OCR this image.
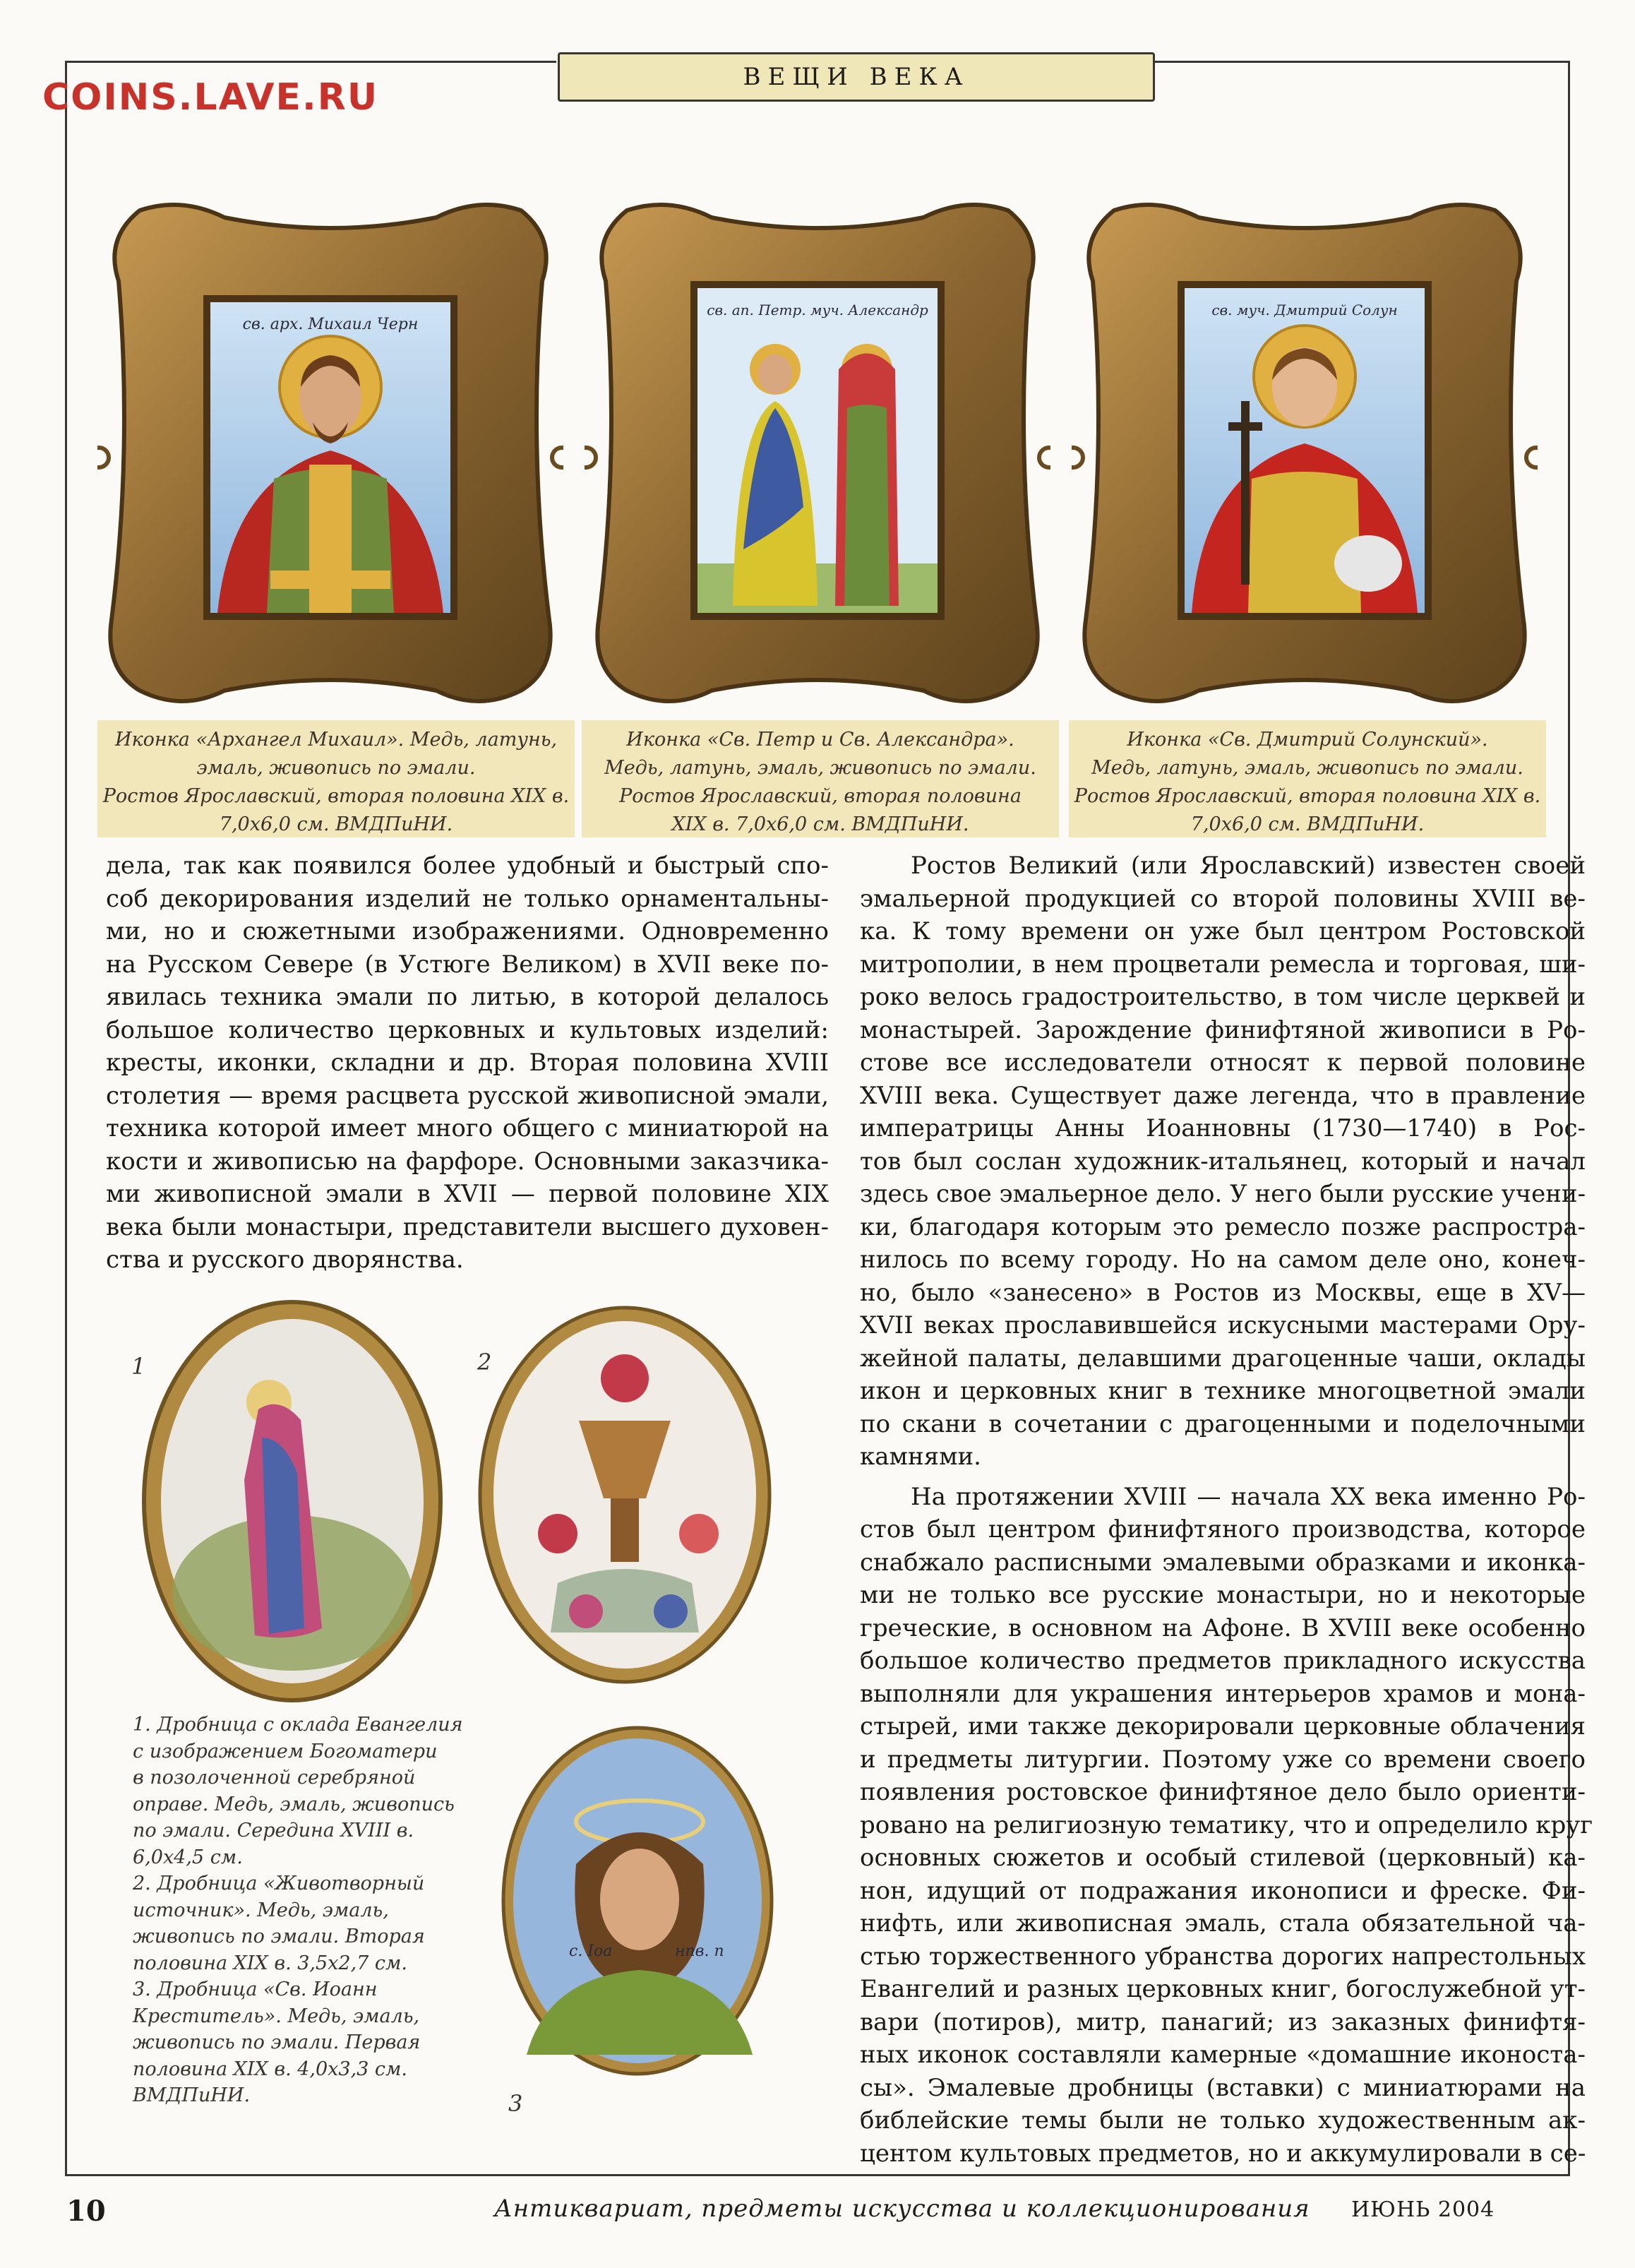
COINS.LAVE.RU	ВЕЩИ ВЕКА
св. арх. Михаил Черн
св. ап. Петр. муч. Александр	св. муч. Дмитрий Солун
Иконка «Архангел Михаил». Медь, латунь,
эмаль, живопись по эмали.
Ростов Ярославский, вторая половина XIX в.
7,0х6,0 см. ВМДПиНИ.
Иконка «Св. Петр и Св. Александра».
Медь, латунь, эмаль, живопись по эмали.
Ростов Ярославский, вторая половина
XIX в. 7,0х6,0 см. ВМДПиНИ.
Иконка «Св. Дмитрий Солунский».
Медь, латунь, эмаль, живопись по эмали.
Ростов Ярославский, вторая половина XIX в.
7,0х6,0 см. ВМДПиНИ.
дела, так как появился более удобный и быстрый спо-
соб декорирования изделий не только орнаментальны-
ми, но и сюжетными изображениями. Одновременно
на Русском Севере (в Устюге Великом) в XVII веке по-
явилась техника эмали по литью, в которой делалось
большое количество церковных и культовых изделий:
кресты, иконки, складни и др. Вторая половина XVIII
столетия — время расцвета русской живописной эмали,
техника которой имеет много общего с миниатюрой на
кости и живописью на фарфоре. Основными заказчика-
ми живописной эмали в XVII — первой половине XIX
века были монастыри, представители высшего духовен-
ства и русского дворянства.
Ростов Великий (или Ярославский) известен своей
эмальерной продукцией со второй половины XVIII ве-
ка. К тому времени он уже был центром Ростовской
митрополии, в нем процветали ремесла и торговая, ши-
роко велось градостроительство, в том числе церквей и
монастырей. Зарождение финифтяной живописи в Ро-
стове все исследователи относят к первой половине
XVIII века. Существует даже легенда, что в правление
императрицы Анны Иоанновны (1730—1740) в Рос-
тов был сослан художник-итальянец, который и начал
здесь свое эмальерное дело. У него были русские учени-
ки, благодаря которым это ремесло позже распростра-
нилось по всему городу. Но на самом деле оно, конеч-
но, было «занесено» в Ростов из Москвы, еще в XV—
XVII веках прославившейся искусными мастерами Ору-
жейной палаты, делавшими драгоценные чаши, оклады
икон и церковных книг в технике многоцветной эмали
по скани в сочетании с драгоценными и поделочными
камнями.
На протяжении XVIII — начала XX века именно Ро-
стов был центром финифтяного производства, которое
снабжало расписными эмалевыми образками и иконка-
ми не только все русские монастыри, но и некоторые
греческие, в основном на Афоне. В XVIII веке особенно
большое количество предметов прикладного искусства
выполняли для украшения интерьеров храмов и мона-
стырей, ими также декорировали церковные облачения
и предметы литургии. Поэтому уже со времени своего
появления ростовское финифтяное дело было ориенти-
ровано на религиозную тематику, что и определило круг
основных сюжетов и особый стилевой (церковный) ка-
нон, идущий от подражания иконописи и фреске. Фи-
нифть, или живописная эмаль, стала обязательной ча-
стью торжественного убранства дорогих напрестольных
Евангелий и разных церковных книг, богослужебной ут-
вари (потиров), митр, панагий; из заказных финифтя-
ных иконок составляли камерные «домашние иконоста-
сы». Эмалевые дробницы (вставки) с миниатюрами на
библейские темы были не только художественным ак-
центом культовых предметов, но и аккумулировали в се-
1	2
с. Іоа	нпв. п
3
1. Дробница с оклада Евангелия
с изображением Богоматери
в позолоченной серебряной
оправе. Медь, эмаль, живопись
по эмали. Середина XVIII в.
6,0х4,5 см.
2. Дробница «Животворный
источник». Медь, эмаль,
живопись по эмали. Вторая
половина XIX в. 3,5х2,7 см.
3. Дробница «Св. Иоанн
Креститель». Медь, эмаль,
живопись по эмали. Первая
половина XIX в. 4,0х3,3 см.
ВМДПиНИ.
10	Антиквариат, предметы искусства и коллекционирования ИЮНЬ 2004
